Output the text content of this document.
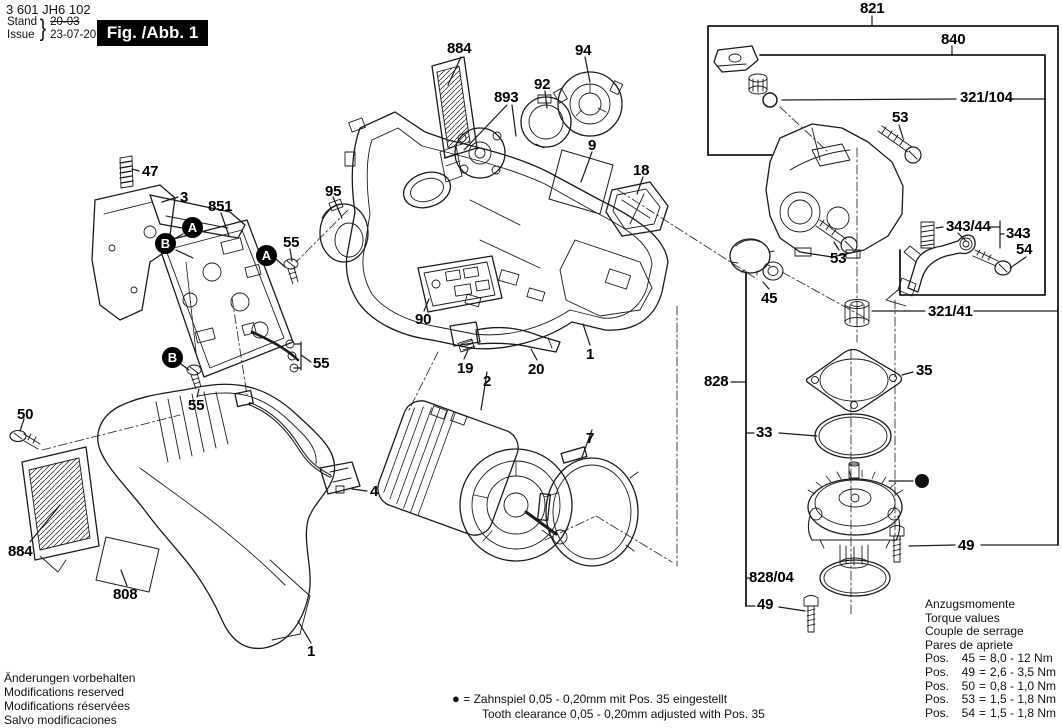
3 601 JH6 102
Stand
Issue } 20-03
23-07-20 Fig. /Abb. 1
884	94
92
893
9
18
95
47
3
851
55
55
55
90
19
2
20
1
7
4
50
884
808
1
821
840
321/104
53
343/44 343
54
53
45
321/41
828
35
33
49
828/04
49
A
B
A
B
Änderungen vorbehalten
Modifications reserved
Modifications réservées
Salvo modificaciones
● = Zahnspiel 0,05 - 0,20mm mit Pos. 35 eingestellt
Tooth clearance 0,05 - 0,20mm adjusted with Pos. 35
Anzugsmomente
Torque values
Couple de serrage
Pares de apriete
Pos.	45 = 8,0 - 12 Nm
Pos.	49 = 2,6 - 3,5 Nm
Pos.	50 = 0,8 - 1,0 Nm
Pos.	53 = 1,5 - 1,8 Nm
Pos.	54 = 1,5 - 1,8 Nm
